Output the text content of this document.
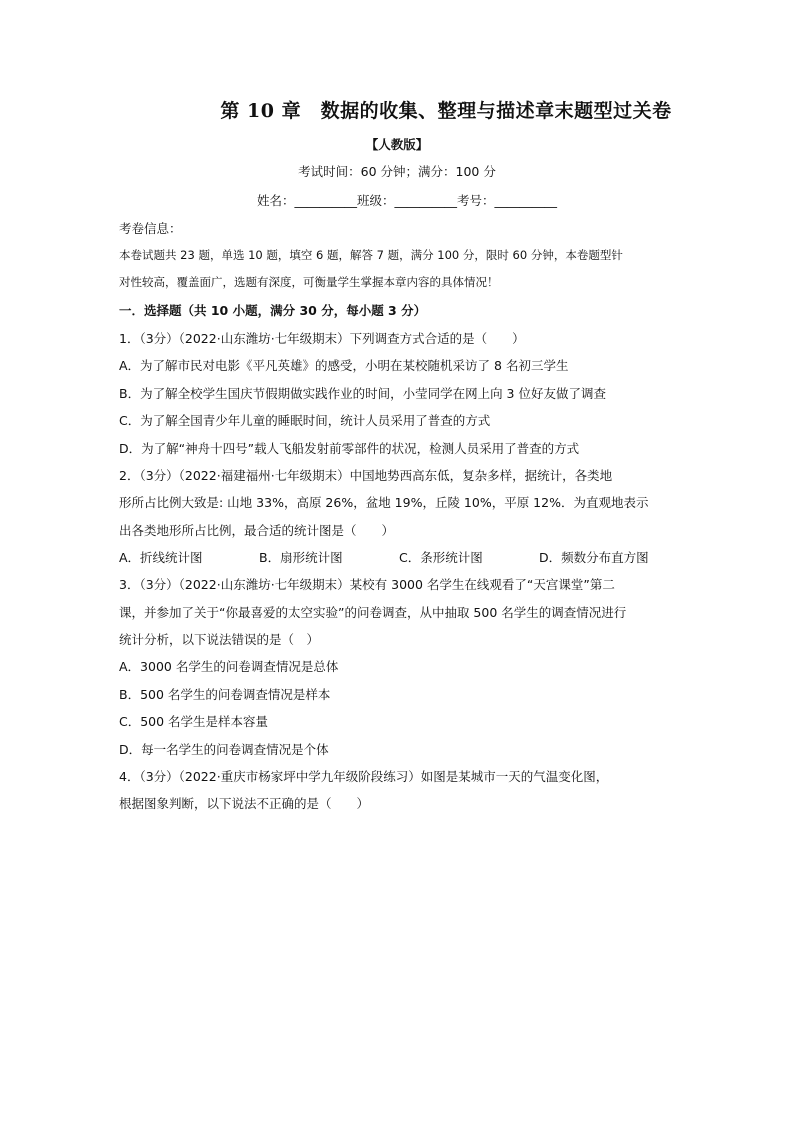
第 10 章　数据的收集、整理与描述章末题型过关卷
【人教版】
考试时间：60 分钟；满分：100 分
姓名：__________班级：__________考号：__________
考卷信息：
本卷试题共 23 题，单选 10 题，填空 6 题，解答 7 题，满分 100 分，限时 60 分钟，本卷题型针
对性较高，覆盖面广，选题有深度，可衡量学生掌握本章内容的具体情况！
一．选择题（共 10 小题，满分 30 分，每小题 3 分）
1．（3分）（2022·山东潍坊·七年级期末）下列调查方式合适的是（　　）
A．为了解市民对电影《平凡英雄》的感受，小明在某校随机采访了 8 名初三学生
B．为了解全校学生国庆节假期做实践作业的时间，小莹同学在网上向 3 位好友做了调查
C．为了解全国青少年儿童的睡眠时间，统计人员采用了普查的方式
D．为了解“神舟十四号”载人飞船发射前零部件的状况，检测人员采用了普查的方式
2．（3分）（2022·福建福州·七年级期末）中国地势西高东低，复杂多样，据统计，各类地
形所占比例大致是: 山地 33%，高原 26%，盆地 19%，丘陵 10%，平原 12%．为直观地表示
出各类地形所占比例，最合适的统计图是（　　）
A．折线统计图	B．扇形统计图	C．条形统计图	D．频数分布直方图
3．（3分）（2022·山东潍坊·七年级期末）某校有 3000 名学生在线观看了“天宫课堂”第二
课，并参加了关于“你最喜爱的太空实验”的问卷调查，从中抽取 500 名学生的调查情况进行
统计分析，以下说法错误的是（　）
A．3000 名学生的问卷调查情况是总体
B．500 名学生的问卷调查情况是样本
C．500 名学生是样本容量
D．每一名学生的问卷调查情况是个体
4．（3分）（2022·重庆市杨家坪中学九年级阶段练习）如图是某城市一天的气温变化图，
根据图象判断，以下说法不正确的是（　　）
